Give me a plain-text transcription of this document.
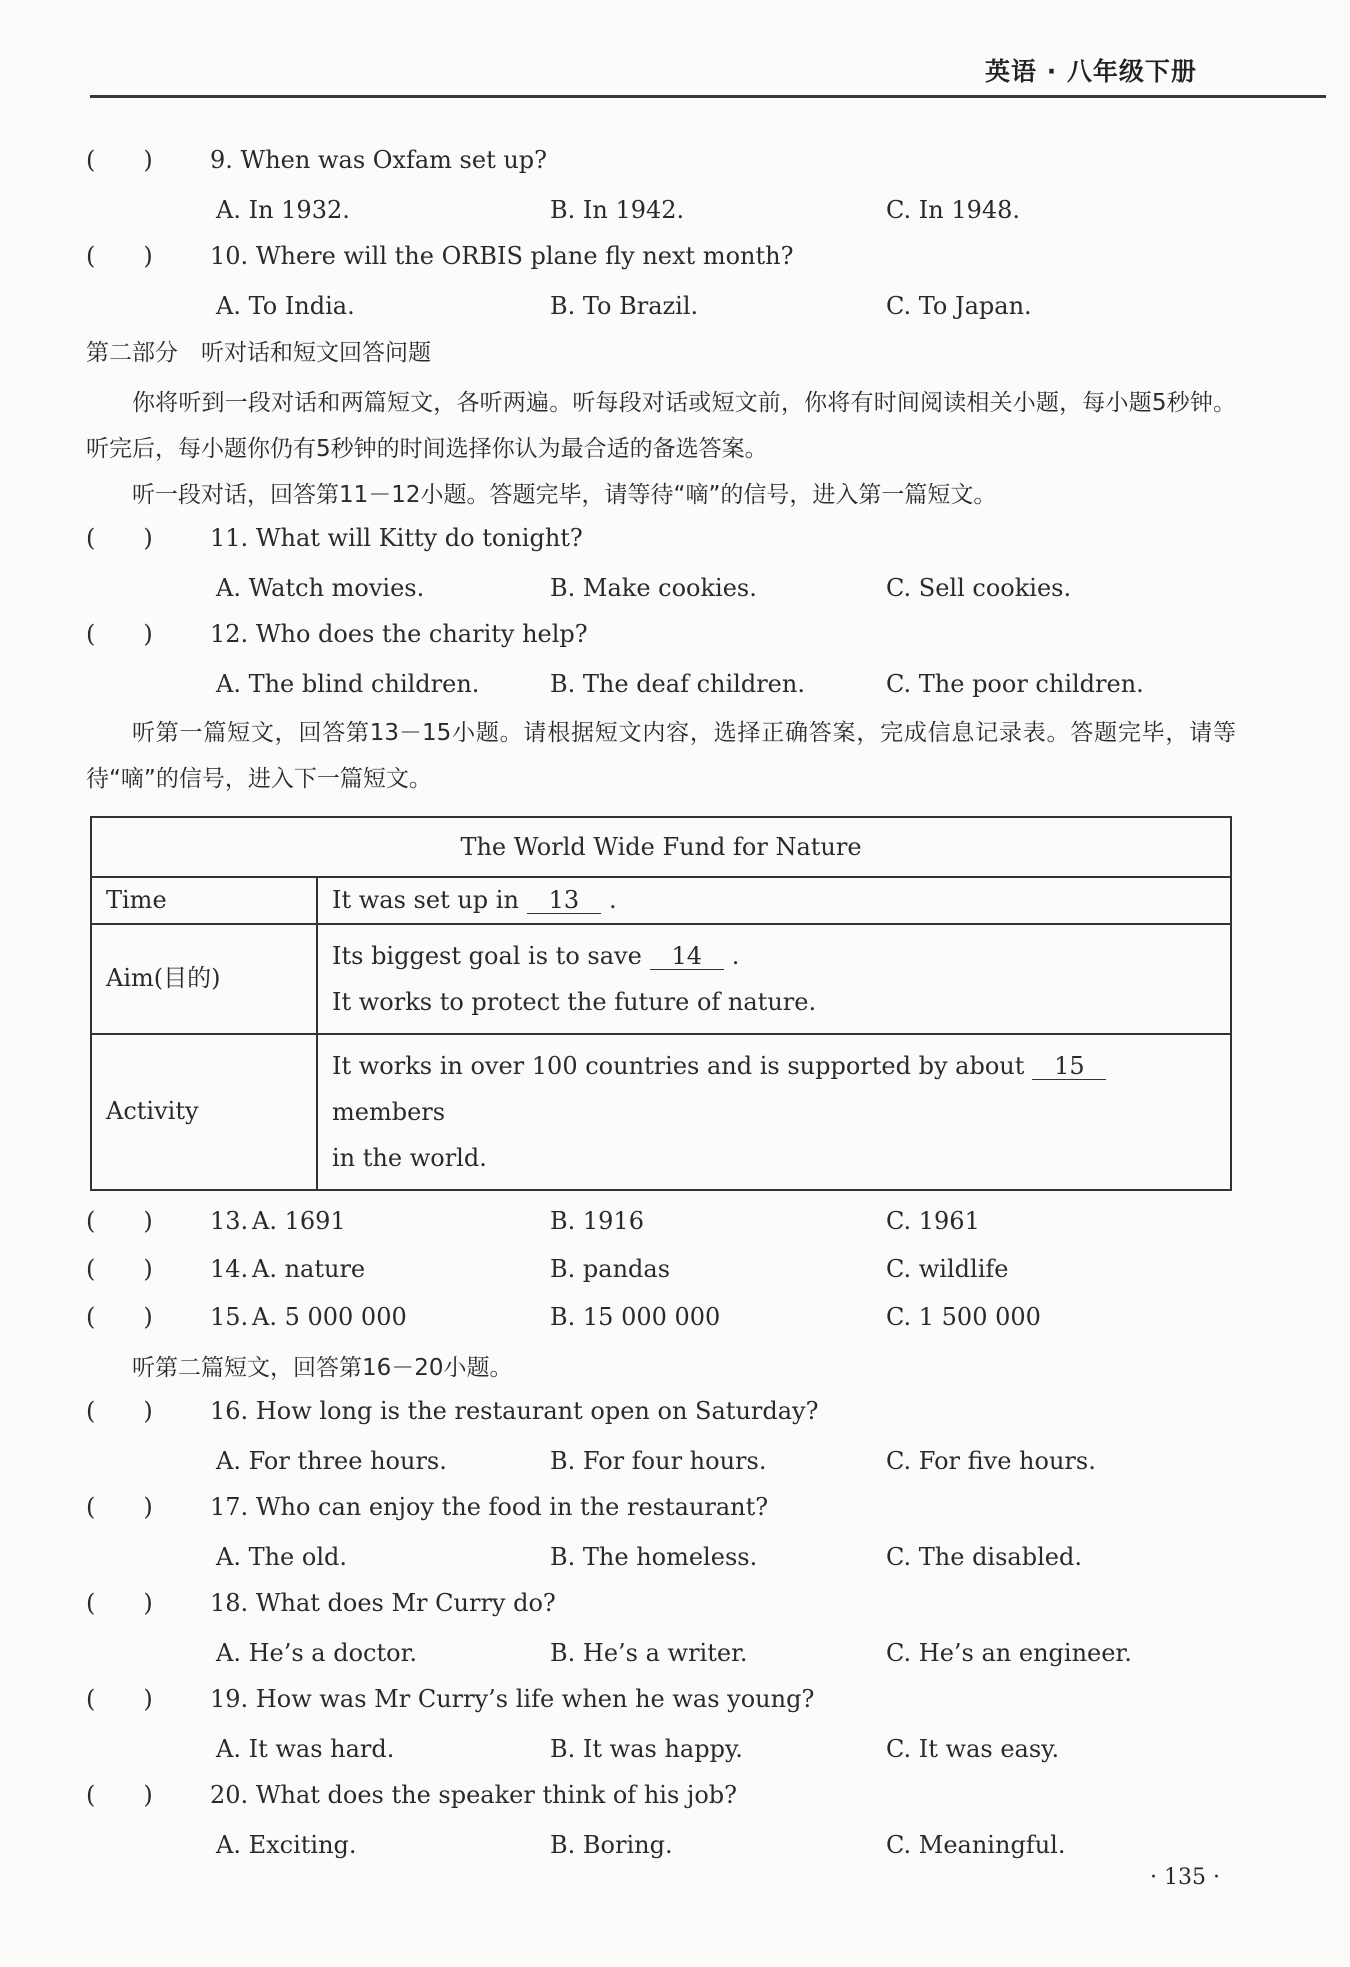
英语 · 八年级下册
(　　) 9. When was Oxfam set up?
A. In 1932.	B. In 1942.	C. In 1948.
(　　) 10. Where will the ORBIS plane fly next month?
A. To India.	B. To Brazil.	C. To Japan.
第二部分　听对话和短文回答问题
你将听到一段对话和两篇短文，各听两遍。听每段对话或短文前，你将有时间阅读相关小题，每小题5秒钟。听完后，每小题你仍有5秒钟的时间选择你认为最合适的备选答案。
听一段对话，回答第11－12小题。答题完毕，请等待“嘀”的信号，进入第一篇短文。
(　　) 11. What will Kitty do tonight?
A. Watch movies.	B. Make cookies.	C. Sell cookies.
(　　) 12. Who does the charity help?
A. The blind children.	B. The deaf children.	C. The poor children.
听第一篇短文，回答第13－15小题。请根据短文内容，选择正确答案，完成信息记录表。答题完毕，请等待“嘀”的信号，进入下一篇短文。
The World Wide Fund for Nature	
Time	It was set up in 13 .
Aim(目的)	Its biggest goal is to save 14 .
It works to protect the future of nature.
Activity	It works in over 100 countries and is supported by about 15members
in the world.
(　　) 13. A. 1691	B. 1916	C. 1961
(　　) 14. A. nature	B. pandas	C. wildlife
(　　) 15. A. 5 000 000	B. 15 000 000	C. 1 500 000
听第二篇短文，回答第16－20小题。
(　　) 16. How long is the restaurant open on Saturday?
A. For three hours.	B. For four hours.	C. For five hours.
(　　) 17. Who can enjoy the food in the restaurant?
A. The old.	B. The homeless.	C. The disabled.
(　　) 18. What does Mr Curry do?
A. He’s a doctor.	B. He’s a writer.	C. He’s an engineer.
(　　) 19. How was Mr Curry’s life when he was young?
A. It was hard.	B. It was happy.	C. It was easy.
(　　) 20. What does the speaker think of his job?
A. Exciting.	B. Boring.	C. Meaningful.
· 135 ·
